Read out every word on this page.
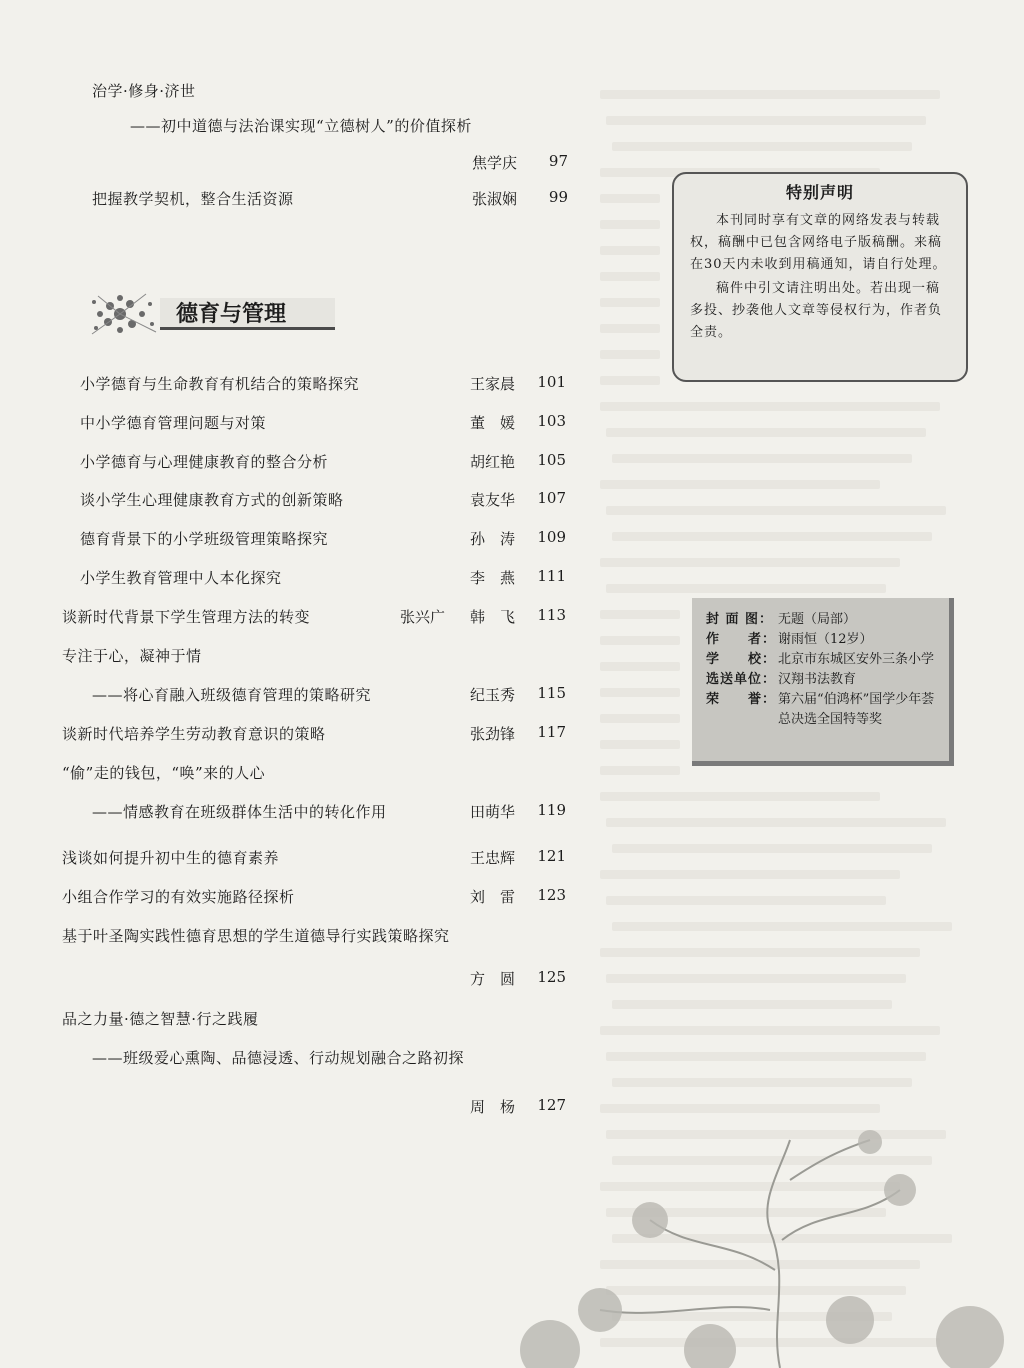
治学·修身·济世
——初中道德与法治课实现“立德树人”的价值探析
焦学庆	97
把握教学契机，整合生活资源	张淑娴	99
德育与管理
小学德育与生命教育有机结合的策略探究	王家晨	101
中小学德育管理问题与对策	董　媛	103
小学德育与心理健康教育的整合分析	胡红艳	105
谈小学生心理健康教育方式的创新策略	袁友华	107
德育背景下的小学班级管理策略探究	孙　涛	109
小学生教育管理中人本化探究	李　燕	111
谈新时代背景下学生管理方法的转变	张兴广 韩　飞	113
专注于心，凝神于情
——将心育融入班级德育管理的策略研究	纪玉秀	115
谈新时代培养学生劳动教育意识的策略	张劲锋	117
“偷”走的钱包，“唤”来的人心
——情感教育在班级群体生活中的转化作用	田萌华	119
浅谈如何提升初中生的德育素养	王忠辉	121
小组合作学习的有效实施路径探析	刘　雷	123
基于叶圣陶实践性德育思想的学生道德导行实践策略探究
方　圆	125
品之力量·德之智慧·行之践履
——班级爱心熏陶、品德浸透、行动规划融合之路初探
周　杨	127
特别声明

本刊同时享有文章的网络发表与转载权，稿酬中已包含网络电子版稿酬。来稿在30天内未收到用稿通知，请自行处理。

稿件中引文请注明出处。若出现一稿多投、抄袭他人文章等侵权行为，作者负全责。

封 面 图： 无题（局部）
作　　者： 谢雨恒（12岁）
学　　校： 北京市东城区安外三条小学
选送单位： 汉翔书法教育
荣　　誉： 第六届“伯鸿杯”国学少年荟总决选全国特等奖
